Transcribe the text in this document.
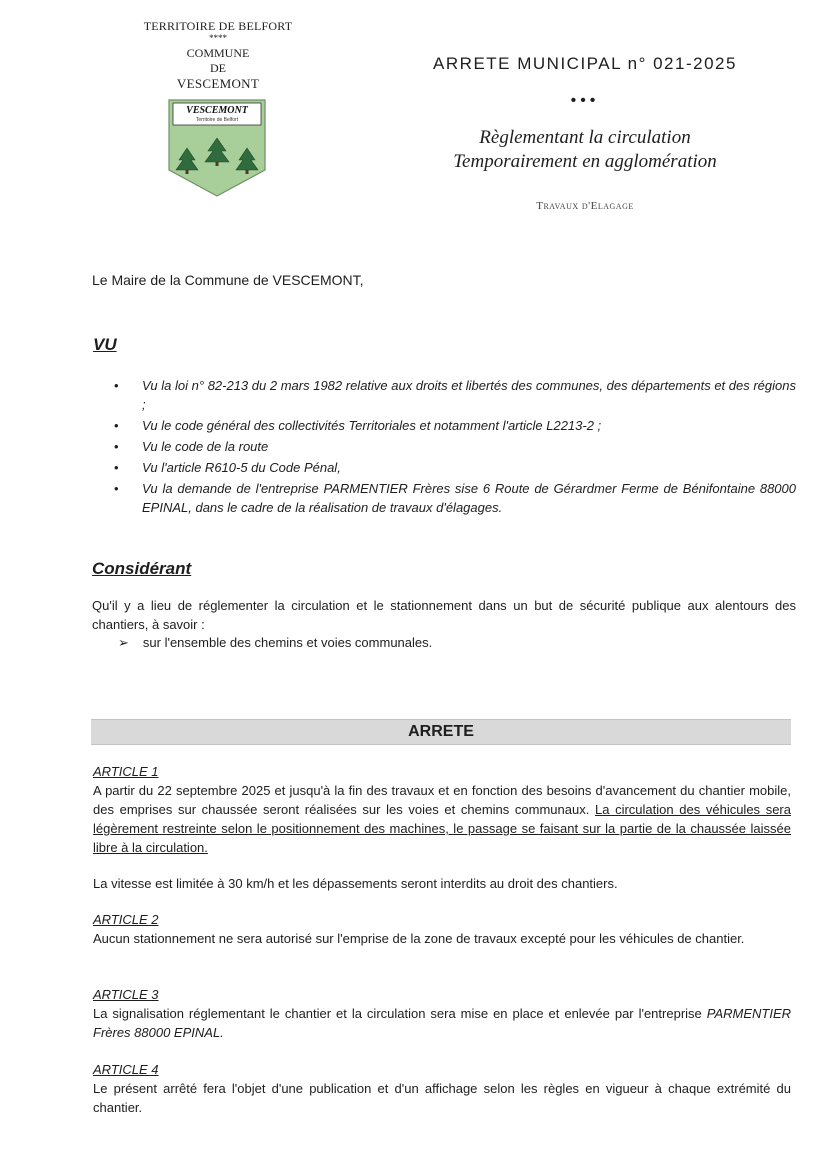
TERRITOIRE DE BELFORT
****
COMMUNE
DE
VESCEMONT
VESCEMONT
Territoire de Belfort
ARRETE MUNICIPAL n° 021-2025
•••
Règlementant la circulation
Temporairement en agglomération
Travaux d'Elagage
Le Maire de la Commune de VESCEMONT,
VU
• Vu la loi n° 82-213 du 2 mars 1982 relative aux droits et libertés des communes, des départements et des régions ;
• Vu le code général des collectivités Territoriales et notamment l'article L2213-2 ;
• Vu le code de la route
• Vu l'article R610-5 du Code Pénal,
• Vu la demande de l'entreprise PARMENTIER Frères sise 6 Route de Gérardmer Ferme de Bénifontaine 88000 EPINAL, dans le cadre de la réalisation de travaux d'élagages.
Considérant
Qu'il y a lieu de réglementer la circulation et le stationnement dans un but de sécurité publique aux alentours des chantiers, à savoir :
➢ sur l'ensemble des chemins et voies communales.
ARRETE
ARTICLE 1
A partir du 22 septembre 2025 et jusqu'à la fin des travaux et en fonction des besoins d'avancement du chantier mobile, des emprises sur chaussée seront réalisées sur les voies et chemins communaux. La circulation des véhicules sera légèrement restreinte selon le positionnement des machines, le passage se faisant sur la partie de la chaussée laissée libre à la circulation.
La vitesse est limitée à 30 km/h et les dépassements seront interdits au droit des chantiers.
ARTICLE 2
Aucun stationnement ne sera autorisé sur l'emprise de la zone de travaux excepté pour les véhicules de chantier.
ARTICLE 3
La signalisation réglementant le chantier et la circulation sera mise en place et enlevée par l'entreprise PARMENTIER Frères 88000 EPINAL.
ARTICLE 4
Le présent arrêté fera l'objet d'une publication et d'un affichage selon les règles en vigueur à chaque extrémité du chantier.
